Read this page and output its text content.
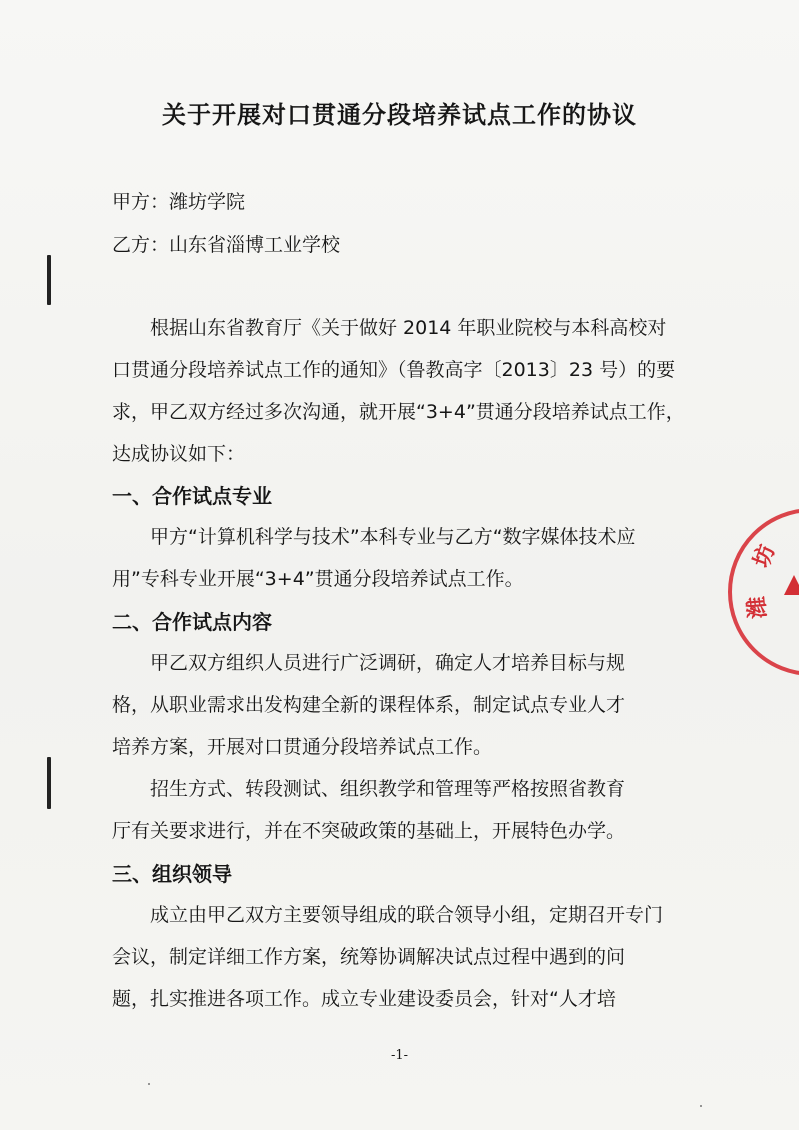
关于开展对口贯通分段培养试点工作的协议
甲方：潍坊学院
乙方：山东省淄博工业学校
根据山东省教育厅《关于做好 2014 年职业院校与本科高校对
口贯通分段培养试点工作的通知》（鲁教高字〔2013〕23 号）的要
求，甲乙双方经过多次沟通，就开展“3+4”贯通分段培养试点工作，
达成协议如下：
一、合作试点专业
甲方“计算机科学与技术”本科专业与乙方“数字媒体技术应
用”专科专业开展“3+4”贯通分段培养试点工作。
二、合作试点内容
甲乙双方组织人员进行广泛调研，确定人才培养目标与规
格，从职业需求出发构建全新的课程体系，制定试点专业人才
培养方案，开展对口贯通分段培养试点工作。
招生方式、转段测试、组织教学和管理等严格按照省教育
厅有关要求进行，并在不突破政策的基础上，开展特色办学。
三、组织领导
成立由甲乙双方主要领导组成的联合领导小组，定期召开专门
会议，制定详细工作方案，统筹协调解决试点过程中遇到的问
题，扎实推进各项工作。成立专业建设委员会，针对“人才培
-1-
坊
潍
